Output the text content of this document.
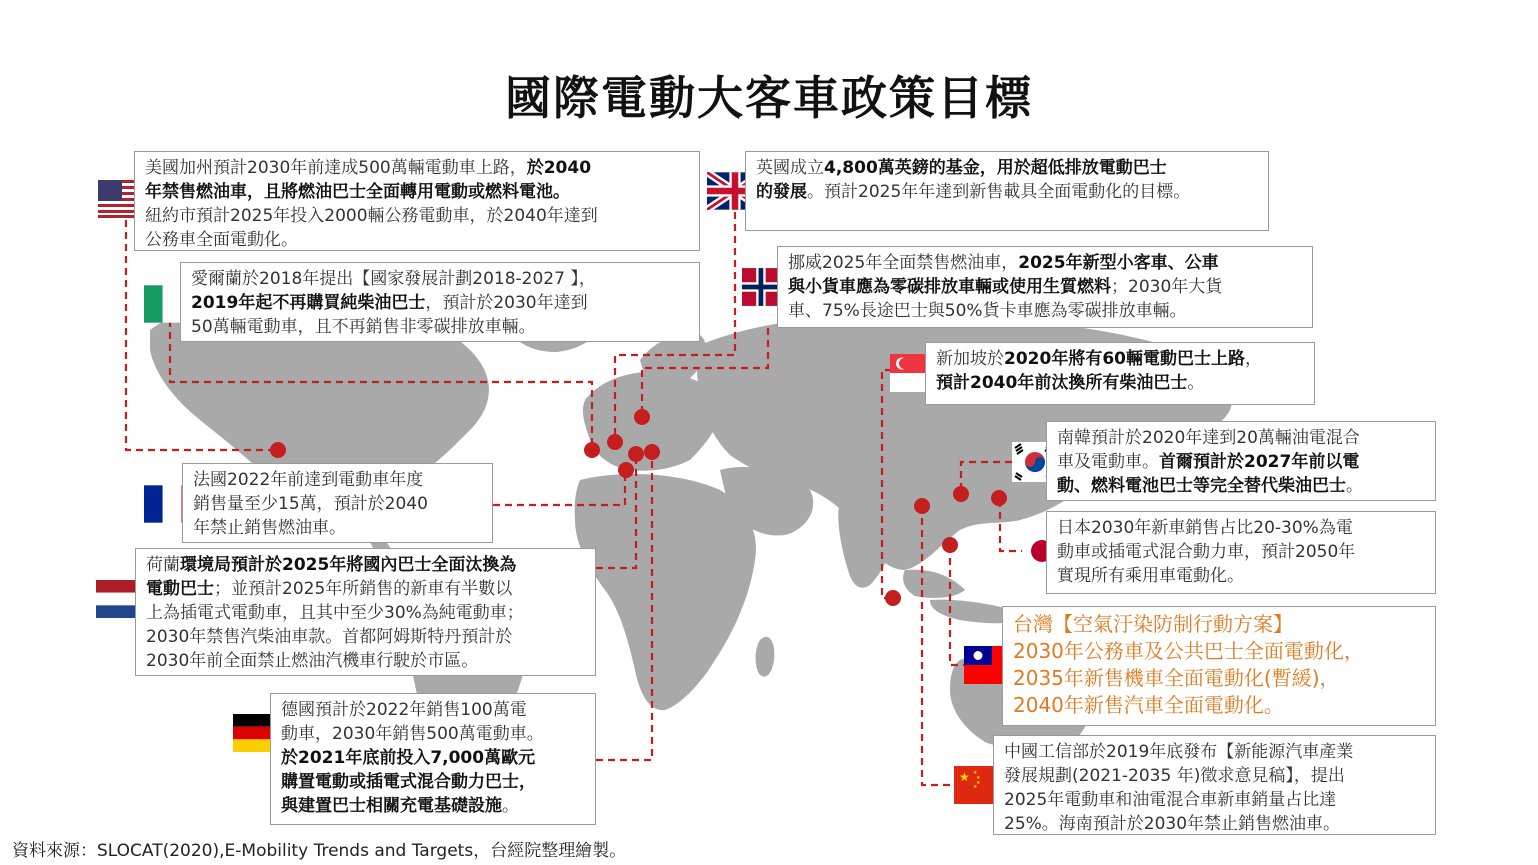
國際電動大客車政策目標
美國加州預計2030年前達成500萬輛電動車上路，於2040
年禁售燃油車，且將燃油巴士全面轉用電動或燃料電池。
紐約市預計2025年投入2000輛公務電動車，於2040年達到
公務車全面電動化。
愛爾蘭於2018年提出【國家發展計劃2018-2027 】，
2019年起不再購買純柴油巴士，預計於2030年達到
50萬輛電動車，且不再銷售非零碳排放車輛。
英國成立4,800萬英鎊的基金，用於超低排放電動巴士
的發展。預計2025年年達到新售載具全面電動化的目標。
挪威2025年全面禁售燃油車，2025年新型小客車、公車
與小貨車應為零碳排放車輛或使用生質燃料；2030年大貨
車、75%長途巴士與50%貨卡車應為零碳排放車輛。
新加坡於2020年將有60輛電動巴士上路，
預計2040年前汰換所有柴油巴士。
南韓預計於2020年達到20萬輛油電混合
車及電動車。首爾預計於2027年前以電
動、燃料電池巴士等完全替代柴油巴士。
日本2030年新車銷售占比20-30%為電
動車或插電式混合動力車，預計2050年
實現所有乘用車電動化。
法國2022年前達到電動車年度
銷售量至少15萬，預計於2040
年禁止銷售燃油車。
荷蘭環境局預計於2025年將國內巴士全面汰換為
電動巴士；並預計2025年所銷售的新車有半數以
上為插電式電動車，且其中至少30%為純電動車；
2030年禁售汽柴油車款。首都阿姆斯特丹預計於
2030年前全面禁止燃油汽機車行駛於市區。
台灣【空氣汙染防制行動方案】
2030年公務車及公共巴士全面電動化，
2035年新售機車全面電動化(暫緩)，
2040年新售汽車全面電動化。
德國預計於2022年銷售100萬電
動車，2030年銷售500萬電動車。
於2021年底前投入7,000萬歐元
購置電動或插電式混合動力巴士，
與建置巴士相關充電基礎設施。
★ ★
★
★
★
中國工信部於2019年底發布【新能源汽車產業
發展規劃(2021-2035 年)徵求意見稿】，提出
2025年電動車和油電混合車新車銷量占比達
25%。海南預計於2030年禁止銷售燃油車。
資料來源：SLOCAT(2020),E-Mobility Trends and Targets，台經院整理繪製。
